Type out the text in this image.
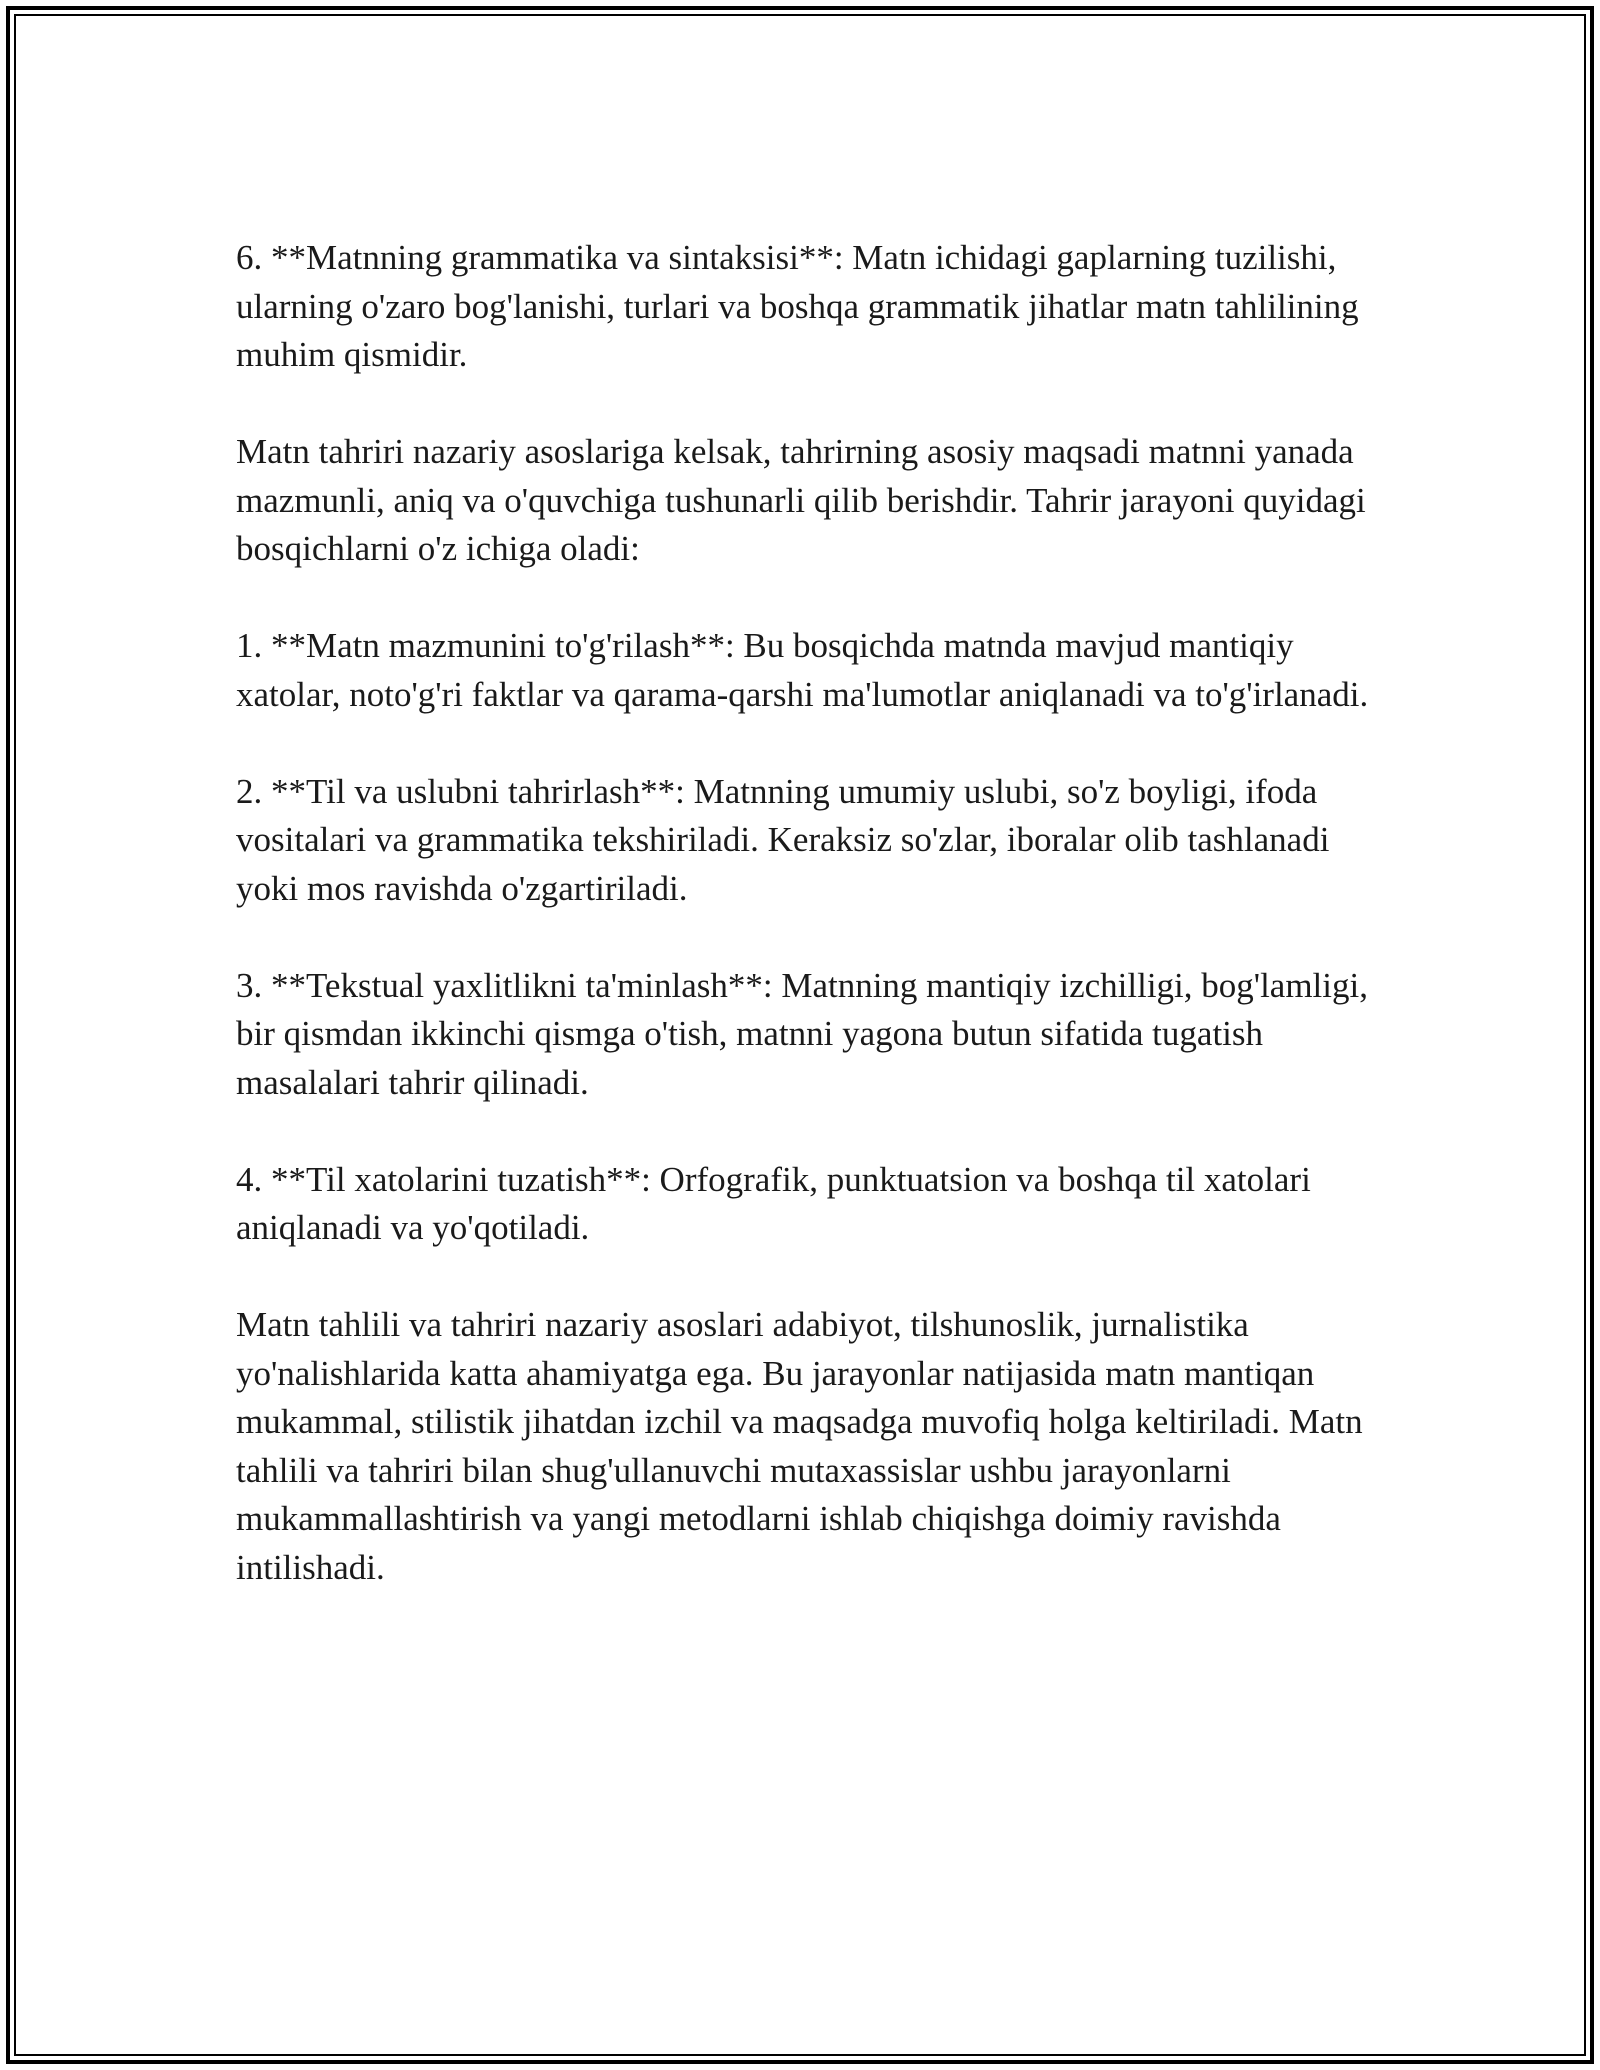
6. **Matnning grammatika va sintaksisi**: Matn ichidagi gaplarning tuzilishi, ularning o'zaro bog'lanishi, turlari va boshqa grammatik jihatlar matn tahlilining muhim qismidir.

Matn tahriri nazariy asoslariga kelsak, tahrirning asosiy maqsadi matnni yanada mazmunli, aniq va o'quvchiga tushunarli qilib berishdir. Tahrir jarayoni quyidagi bosqichlarni o'z ichiga oladi:

1. **Matn mazmunini to'g'rilash**: Bu bosqichda matnda mavjud mantiqiy xatolar, noto'g'ri faktlar va qarama-qarshi ma'lumotlar aniqlanadi va to'g'irlanadi.

2. **Til va uslubni tahrirlash**: Matnning umumiy uslubi, so'z boyligi, ifoda vositalari va grammatika tekshiriladi. Keraksiz so'zlar, iboralar olib tashlanadi yoki mos ravishda o'zgartiriladi.

3. **Tekstual yaxlitlikni ta'minlash**: Matnning mantiqiy izchilligi, bog'lamligi, bir qismdan ikkinchi qismga o'tish, matnni yagona butun sifatida tugatish masalalari tahrir qilinadi.

4. **Til xatolarini tuzatish**: Orfografik, punktuatsion va boshqa til xatolari aniqlanadi va yo'qotiladi.

Matn tahlili va tahriri nazariy asoslari adabiyot, tilshunoslik, jurnalistika yo'nalishlarida katta ahamiyatga ega. Bu jarayonlar natijasida matn mantiqan mukammal, stilistik jihatdan izchil va maqsadga muvofiq holga keltiriladi. Matn tahlili va tahriri bilan shug'ullanuvchi mutaxassislar ushbu jarayonlarni mukammallashtirish va yangi metodlarni ishlab chiqishga doimiy ravishda intilishadi.
